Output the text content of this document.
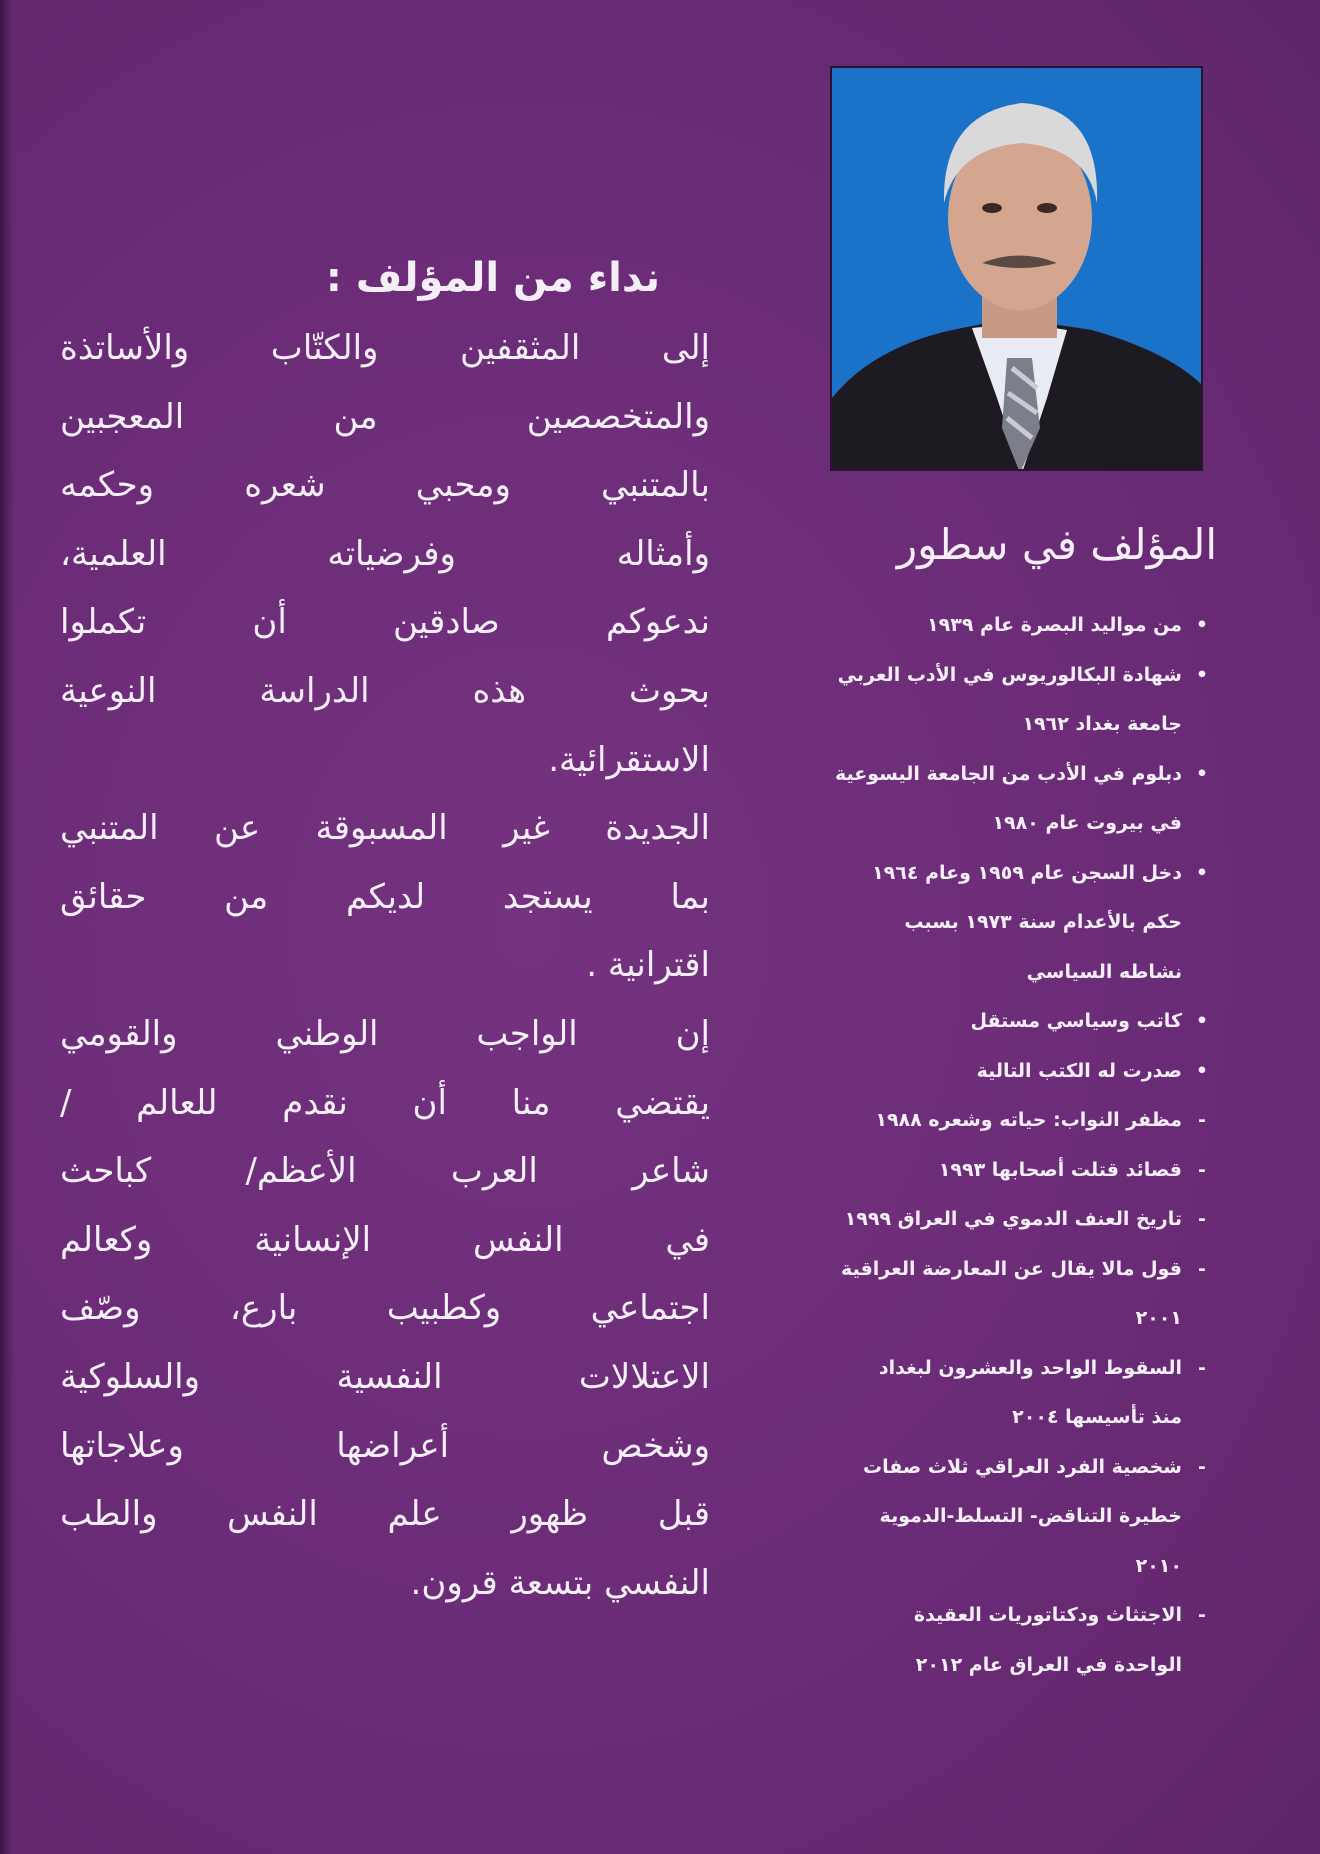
نداء من المؤلف :
إلى المثقفين والكتّاب والأساتذة
والمتخصصين من المعجبين
بالمتنبي ومحبي شعره وحكمه
وأمثاله وفرضياته العلمية،
ندعوكم صادقين أن تكملوا
بحوث هذه الدراسة النوعية
الاستقرائية.
الجديدة غير المسبوقة عن المتنبي
بما يستجد لديكم من حقائق
اقترانية .
إن الواجب الوطني والقومي
يقتضي منا أن نقدم للعالم /
شاعر العرب الأعظم/ كباحث
في النفس الإنسانية وكعالم
اجتماعي وكطبيب بارع، وصّف
الاعتلالات النفسية والسلوكية
وشخص أعراضها وعلاجاتها
قبل ظهور علم النفس والطب
النفسي بتسعة قرون.
المؤلف في سطور
•
من مواليد البصرة عام ١٩٣٩
•
شهادة البكالوريوس في الأدب العربي
جامعة بغداد ١٩٦٢
•
دبلوم في الأدب من الجامعة اليسوعية
في بيروت عام ١٩٨٠
•
دخل السجن عام ١٩٥٩ وعام ١٩٦٤
حكم بالأعدام سنة ١٩٧٣ بسبب
نشاطه السياسي
•
كاتب وسياسي مستقل
•
صدرت له الكتب التالية
-
مظفر النواب: حياته وشعره ١٩٨٨
-
قصائد قتلت أصحابها ١٩٩٣
-
تاريخ العنف الدموي في العراق ١٩٩٩
-
قول مالا يقال عن المعارضة العراقية
٢٠٠١
-
السقوط الواحد والعشرون لبغداد
منذ تأسيسها ٢٠٠٤
-
شخصية الفرد العراقي ثلاث صفات
خطيرة التناقض- التسلط-الدموية
٢٠١٠
-
الاجتثاث ودكتاتوريات العقيدة
الواحدة في العراق عام ٢٠١٢
